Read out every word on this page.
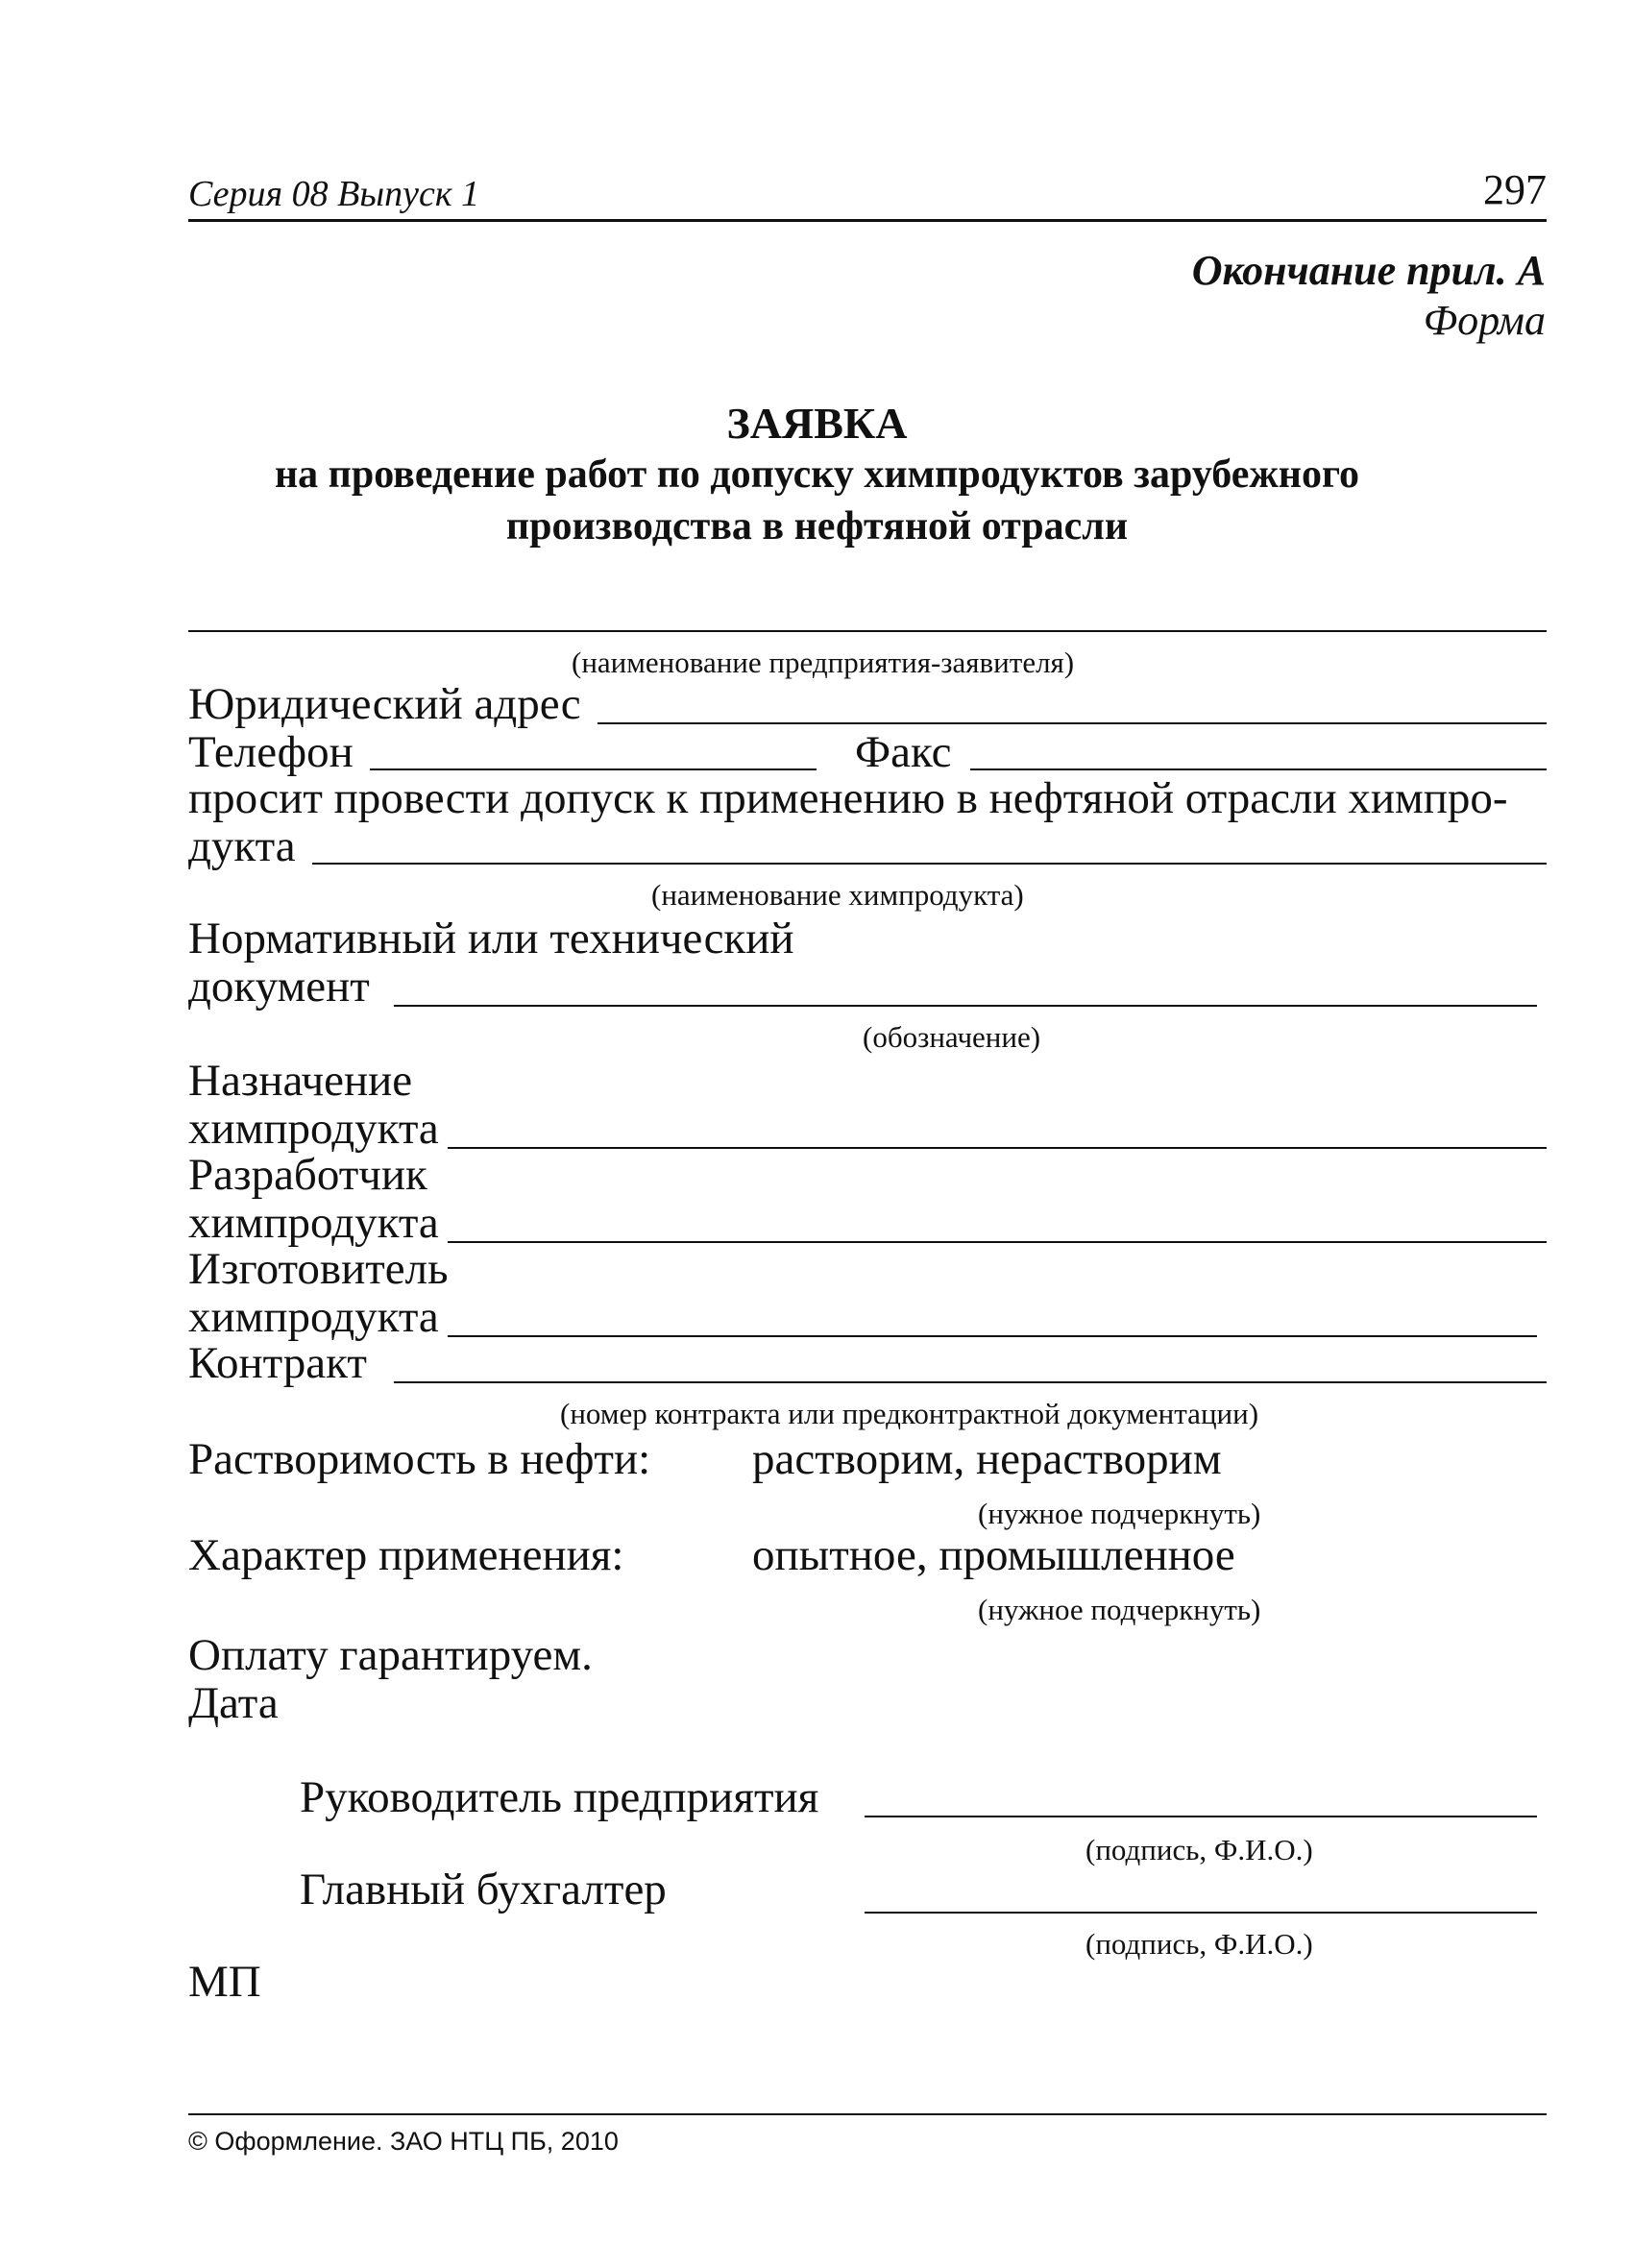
Серия 08 Выпуск 1	297
Окончание прил. А
Форма
ЗАЯВКА
на проведение работ по допуску химпродуктов зарубежного
производства в нефтяной отрасли
(наименование предприятия-заявителя)
Юридический адрес
Телефон	Факс
просит провести допуск к применению в нефтяной отрасли химпро-
дукта
(наименование химпродукта)
Нормативный или технический
документ
(обозначение)
Назначение
химпродукта
Разработчик
химпродукта
Изготовитель
химпродукта
Контракт
(номер контракта или предконтрактной документации)
Растворимость в нефти: растворим, нерастворим
(нужное подчеркнуть)
Характер применения:	опытное, промышленное
(нужное подчеркнуть)
Оплату гарантируем.
Дата
Руководитель предприятия
(подпись, Ф.И.О.)
Главный бухгалтер
(подпись, Ф.И.О.)
МП
© Оформление. ЗАО НТЦ ПБ, 2010
